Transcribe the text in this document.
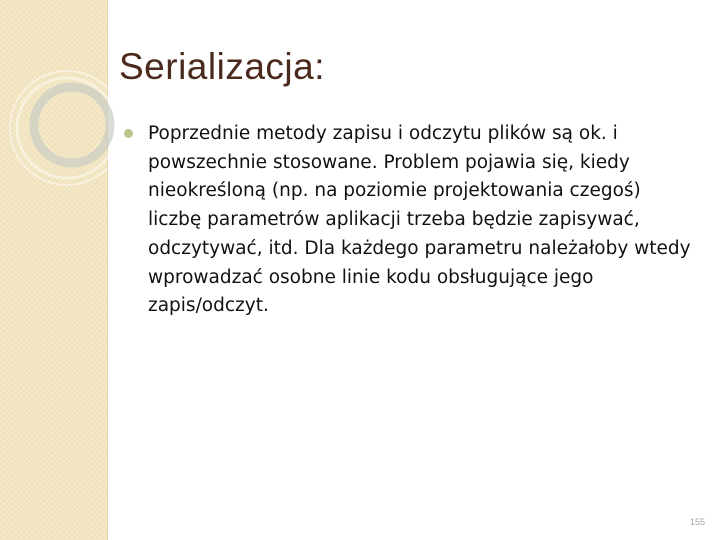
Serializacja:

Poprzednie metody zapisu i odczytu plików są ok. i powszechnie stosowane. Problem pojawia się, kiedy nieokreśloną (np. na poziomie projektowania czegoś) liczbę parametrów aplikacji trzeba będzie zapisywać, odczytywać, itd. Dla każdego parametru należałoby wtedy wprowadzać osobne linie kodu obsługujące jego zapis/odczyt.

155
